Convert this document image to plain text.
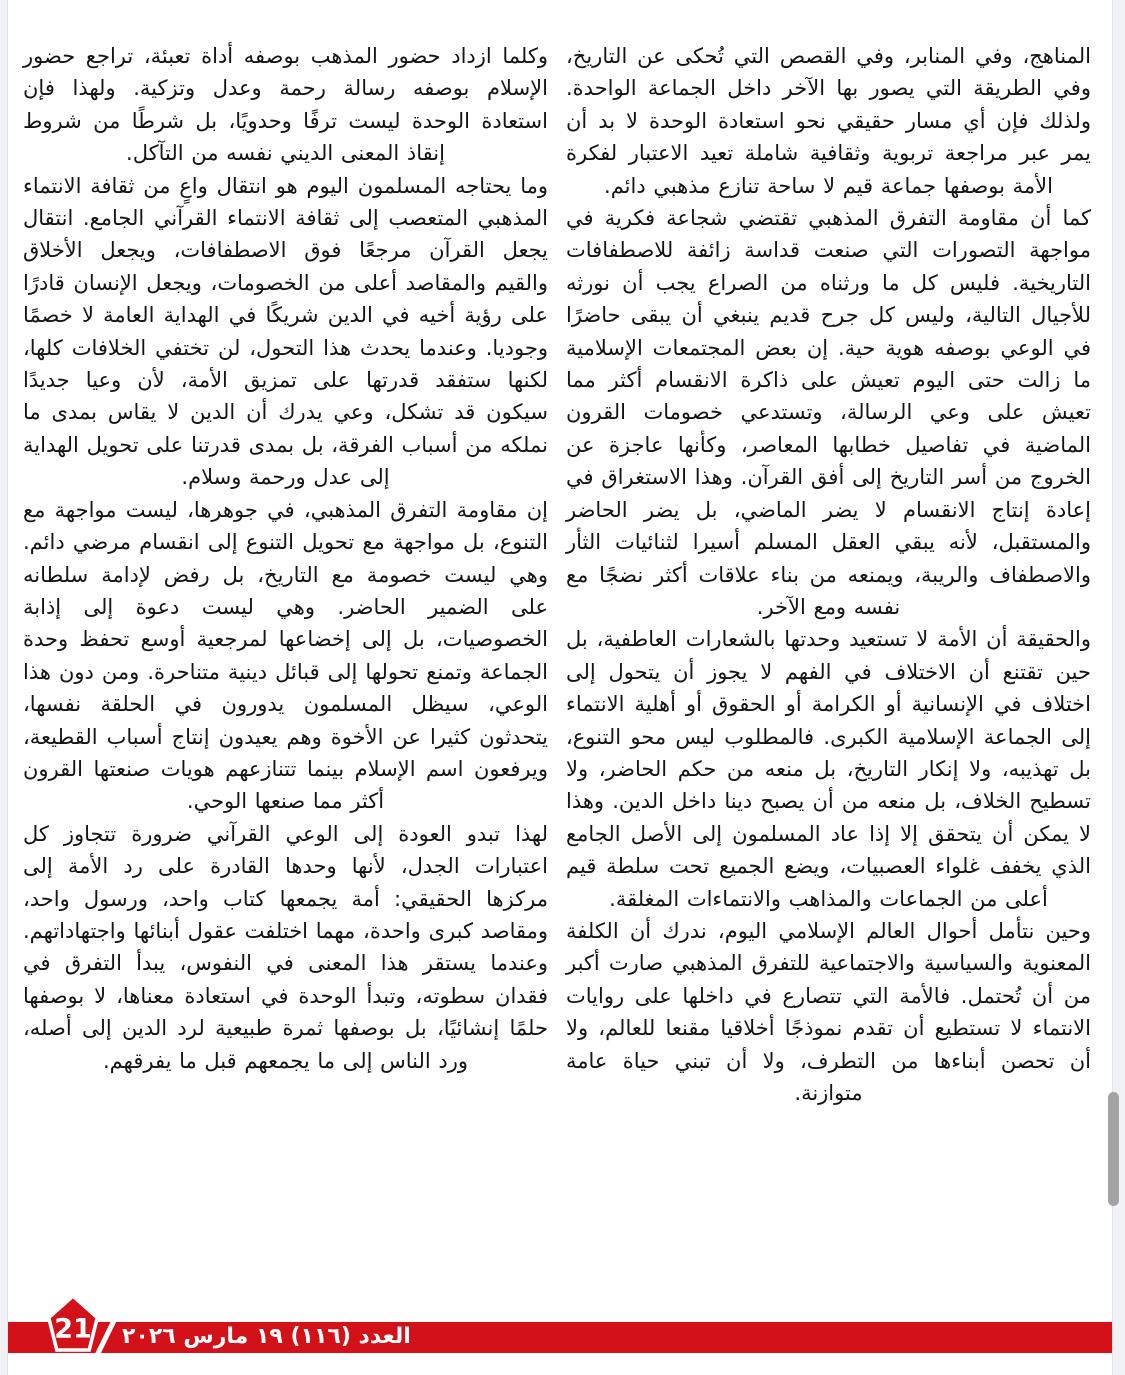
المناهج، وفي المنابر، وفي القصص التي تُحكى عن التاريخ، وفي الطريقة التي يصور بها الآخر داخل الجماعة الواحدة. ولذلك فإن أي مسار حقيقي نحو استعادة الوحدة لا بد أن يمر عبر مراجعة تربوية وثقافية شاملة تعيد الاعتبار لفكرة الأمة بوصفها جماعة قيم لا ساحة تنازع مذهبي دائم.

كما أن مقاومة التفرق المذهبي تقتضي شجاعة فكرية في مواجهة التصورات التي صنعت قداسة زائفة للاصطفافات التاريخية. فليس كل ما ورثناه من الصراع يجب أن نورثه للأجيال التالية، وليس كل جرح قديم ينبغي أن يبقى حاضرًا في الوعي بوصفه هوية حية. إن بعض المجتمعات الإسلامية ما زالت حتى اليوم تعيش على ذاكرة الانقسام أكثر مما تعيش على وعي الرسالة، وتستدعي خصومات القرون الماضية في تفاصيل خطابها المعاصر، وكأنها عاجزة عن الخروج من أسر التاريخ إلى أفق القرآن. وهذا الاستغراق في إعادة إنتاج الانقسام لا يضر الماضي، بل يضر الحاضر والمستقبل، لأنه يبقي العقل المسلم أسيرا لثنائيات الثأر والاصطفاف والريبة، ويمنعه من بناء علاقات أكثر نضجًا مع نفسه ومع الآخر.

والحقيقة أن الأمة لا تستعيد وحدتها بالشعارات العاطفية، بل حين تقتنع أن الاختلاف في الفهم لا يجوز أن يتحول إلى اختلاف في الإنسانية أو الكرامة أو الحقوق أو أهلية الانتماء إلى الجماعة الإسلامية الكبرى. فالمطلوب ليس محو التنوع، بل تهذيبه، ولا إنكار التاريخ، بل منعه من حكم الحاضر، ولا تسطيح الخلاف، بل منعه من أن يصبح دينا داخل الدين. وهذا لا يمكن أن يتحقق إلا إذا عاد المسلمون إلى الأصل الجامع الذي يخفف غلواء العصبيات، ويضع الجميع تحت سلطة قيم أعلى من الجماعات والمذاهب والانتماءات المغلقة.

وحين نتأمل أحوال العالم الإسلامي اليوم، ندرك أن الكلفة المعنوية والسياسية والاجتماعية للتفرق المذهبي صارت أكبر من أن تُحتمل. فالأمة التي تتصارع في داخلها على روايات الانتماء لا تستطيع أن تقدم نموذجًا أخلاقيا مقنعا للعالم، ولا أن تحصن أبناءها من التطرف، ولا أن تبني حياة عامة متوازنة.

وكلما ازداد حضور المذهب بوصفه أداة تعبئة، تراجع حضور الإسلام بوصفه رسالة رحمة وعدل وتزكية. ولهذا فإن استعادة الوحدة ليست ترفًا وحدويًا، بل شرطًا من شروط إنقاذ المعنى الديني نفسه من التآكل.

وما يحتاجه المسلمون اليوم هو انتقال واعٍ من ثقافة الانتماء المذهبي المتعصب إلى ثقافة الانتماء القرآني الجامع. انتقال يجعل القرآن مرجعًا فوق الاصطفافات، ويجعل الأخلاق والقيم والمقاصد أعلى من الخصومات، ويجعل الإنسان قادرًا على رؤية أخيه في الدين شريكًا في الهداية العامة لا خصمًا وجوديا. وعندما يحدث هذا التحول، لن تختفي الخلافات كلها، لكنها ستفقد قدرتها على تمزيق الأمة، لأن وعيا جديدًا سيكون قد تشكل، وعي يدرك أن الدين لا يقاس بمدى ما نملكه من أسباب الفرقة، بل بمدى قدرتنا على تحويل الهداية إلى عدل ورحمة وسلام.

إن مقاومة التفرق المذهبي، في جوهرها، ليست مواجهة مع التنوع، بل مواجهة مع تحويل التنوع إلى انقسام مرضي دائم. وهي ليست خصومة مع التاريخ، بل رفض لإدامة سلطانه على الضمير الحاضر. وهي ليست دعوة إلى إذابة الخصوصيات، بل إلى إخضاعها لمرجعية أوسع تحفظ وحدة الجماعة وتمنع تحولها إلى قبائل دينية متناحرة. ومن دون هذا الوعي، سيظل المسلمون يدورون في الحلقة نفسها، يتحدثون كثيرا عن الأخوة وهم يعيدون إنتاج أسباب القطيعة، ويرفعون اسم الإسلام بينما تتنازعهم هويات صنعتها القرون أكثر مما صنعها الوحي.

لهذا تبدو العودة إلى الوعي القرآني ضرورة تتجاوز كل اعتبارات الجدل، لأنها وحدها القادرة على رد الأمة إلى مركزها الحقيقي: أمة يجمعها كتاب واحد، ورسول واحد، ومقاصد كبرى واحدة، مهما اختلفت عقول أبنائها واجتهاداتهم. وعندما يستقر هذا المعنى في النفوس، يبدأ التفرق في فقدان سطوته، وتبدأ الوحدة في استعادة معناها، لا بوصفها حلمًا إنشائيًا، بل بوصفها ثمرة طبيعية لرد الدين إلى أصله، ورد الناس إلى ما يجمعهم قبل ما يفرقهم.

21 العدد (١١٦) ١٩ مارس ٢٠٢٦
